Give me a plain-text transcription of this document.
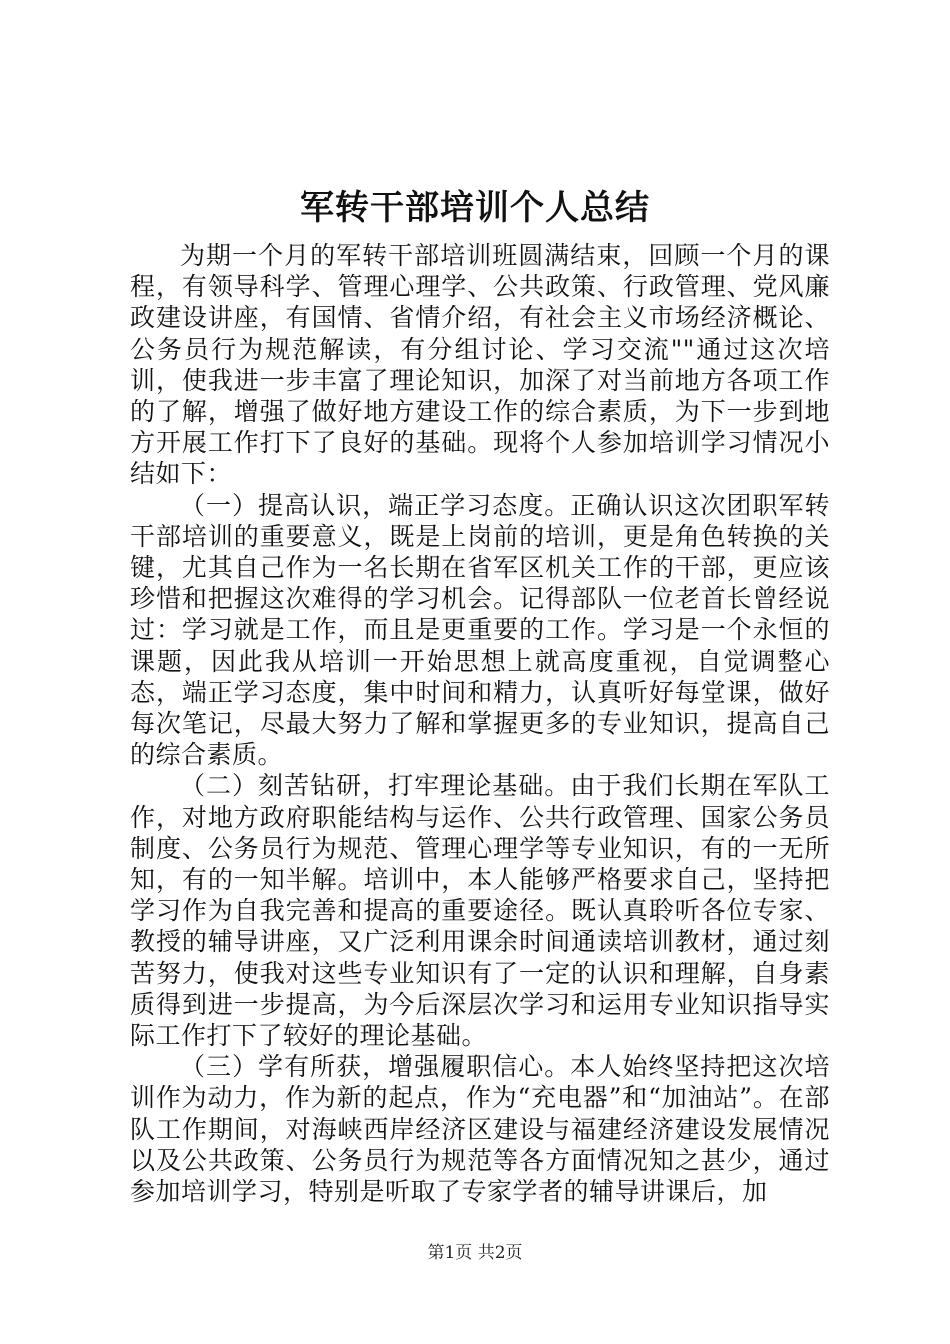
军转干部培训个人总结

为期一个月的军转干部培训班圆满结束，回顾一个月的课程，有领导科学、管理心理学、公共政策、行政管理、党风廉政建设讲座，有国情、省情介绍，有社会主义市场经济概论、公务员行为规范解读，有分组讨论、学习交流""通过这次培训，使我进一步丰富了理论知识，加深了对当前地方各项工作的了解，增强了做好地方建设工作的综合素质，为下一步到地方开展工作打下了良好的基础。现将个人参加培训学习情况小结如下：

（一）提高认识，端正学习态度。正确认识这次团职军转干部培训的重要意义，既是上岗前的培训，更是角色转换的关键，尤其自己作为一名长期在省军区机关工作的干部，更应该珍惜和把握这次难得的学习机会。记得部队一位老首长曾经说过：学习就是工作，而且是更重要的工作。学习是一个永恒的课题，因此我从培训一开始思想上就高度重视，自觉调整心态，端正学习态度，集中时间和精力，认真听好每堂课，做好每次笔记，尽最大努力了解和掌握更多的专业知识，提高自己的综合素质。

（二）刻苦钻研，打牢理论基础。由于我们长期在军队工作，对地方政府职能结构与运作、公共行政管理、国家公务员制度、公务员行为规范、管理心理学等专业知识，有的一无所知，有的一知半解。培训中，本人能够严格要求自己，坚持把学习作为自我完善和提高的重要途径。既认真聆听各位专家、教授的辅导讲座，又广泛利用课余时间通读培训教材，通过刻苦努力，使我对这些专业知识有了一定的认识和理解，自身素质得到进一步提高，为今后深层次学习和运用专业知识指导实际工作打下了较好的理论基础。

（三）学有所获，增强履职信心。本人始终坚持把这次培训作为动力，作为新的起点，作为“充电器”和“加油站”。在部队工作期间，对海峡西岸经济区建设与福建经济建设发展情况以及公共政策、公务员行为规范等各方面情况知之甚少，通过参加培训学习，特别是听取了专家学者的辅导讲课后，加

第1页 共2页
